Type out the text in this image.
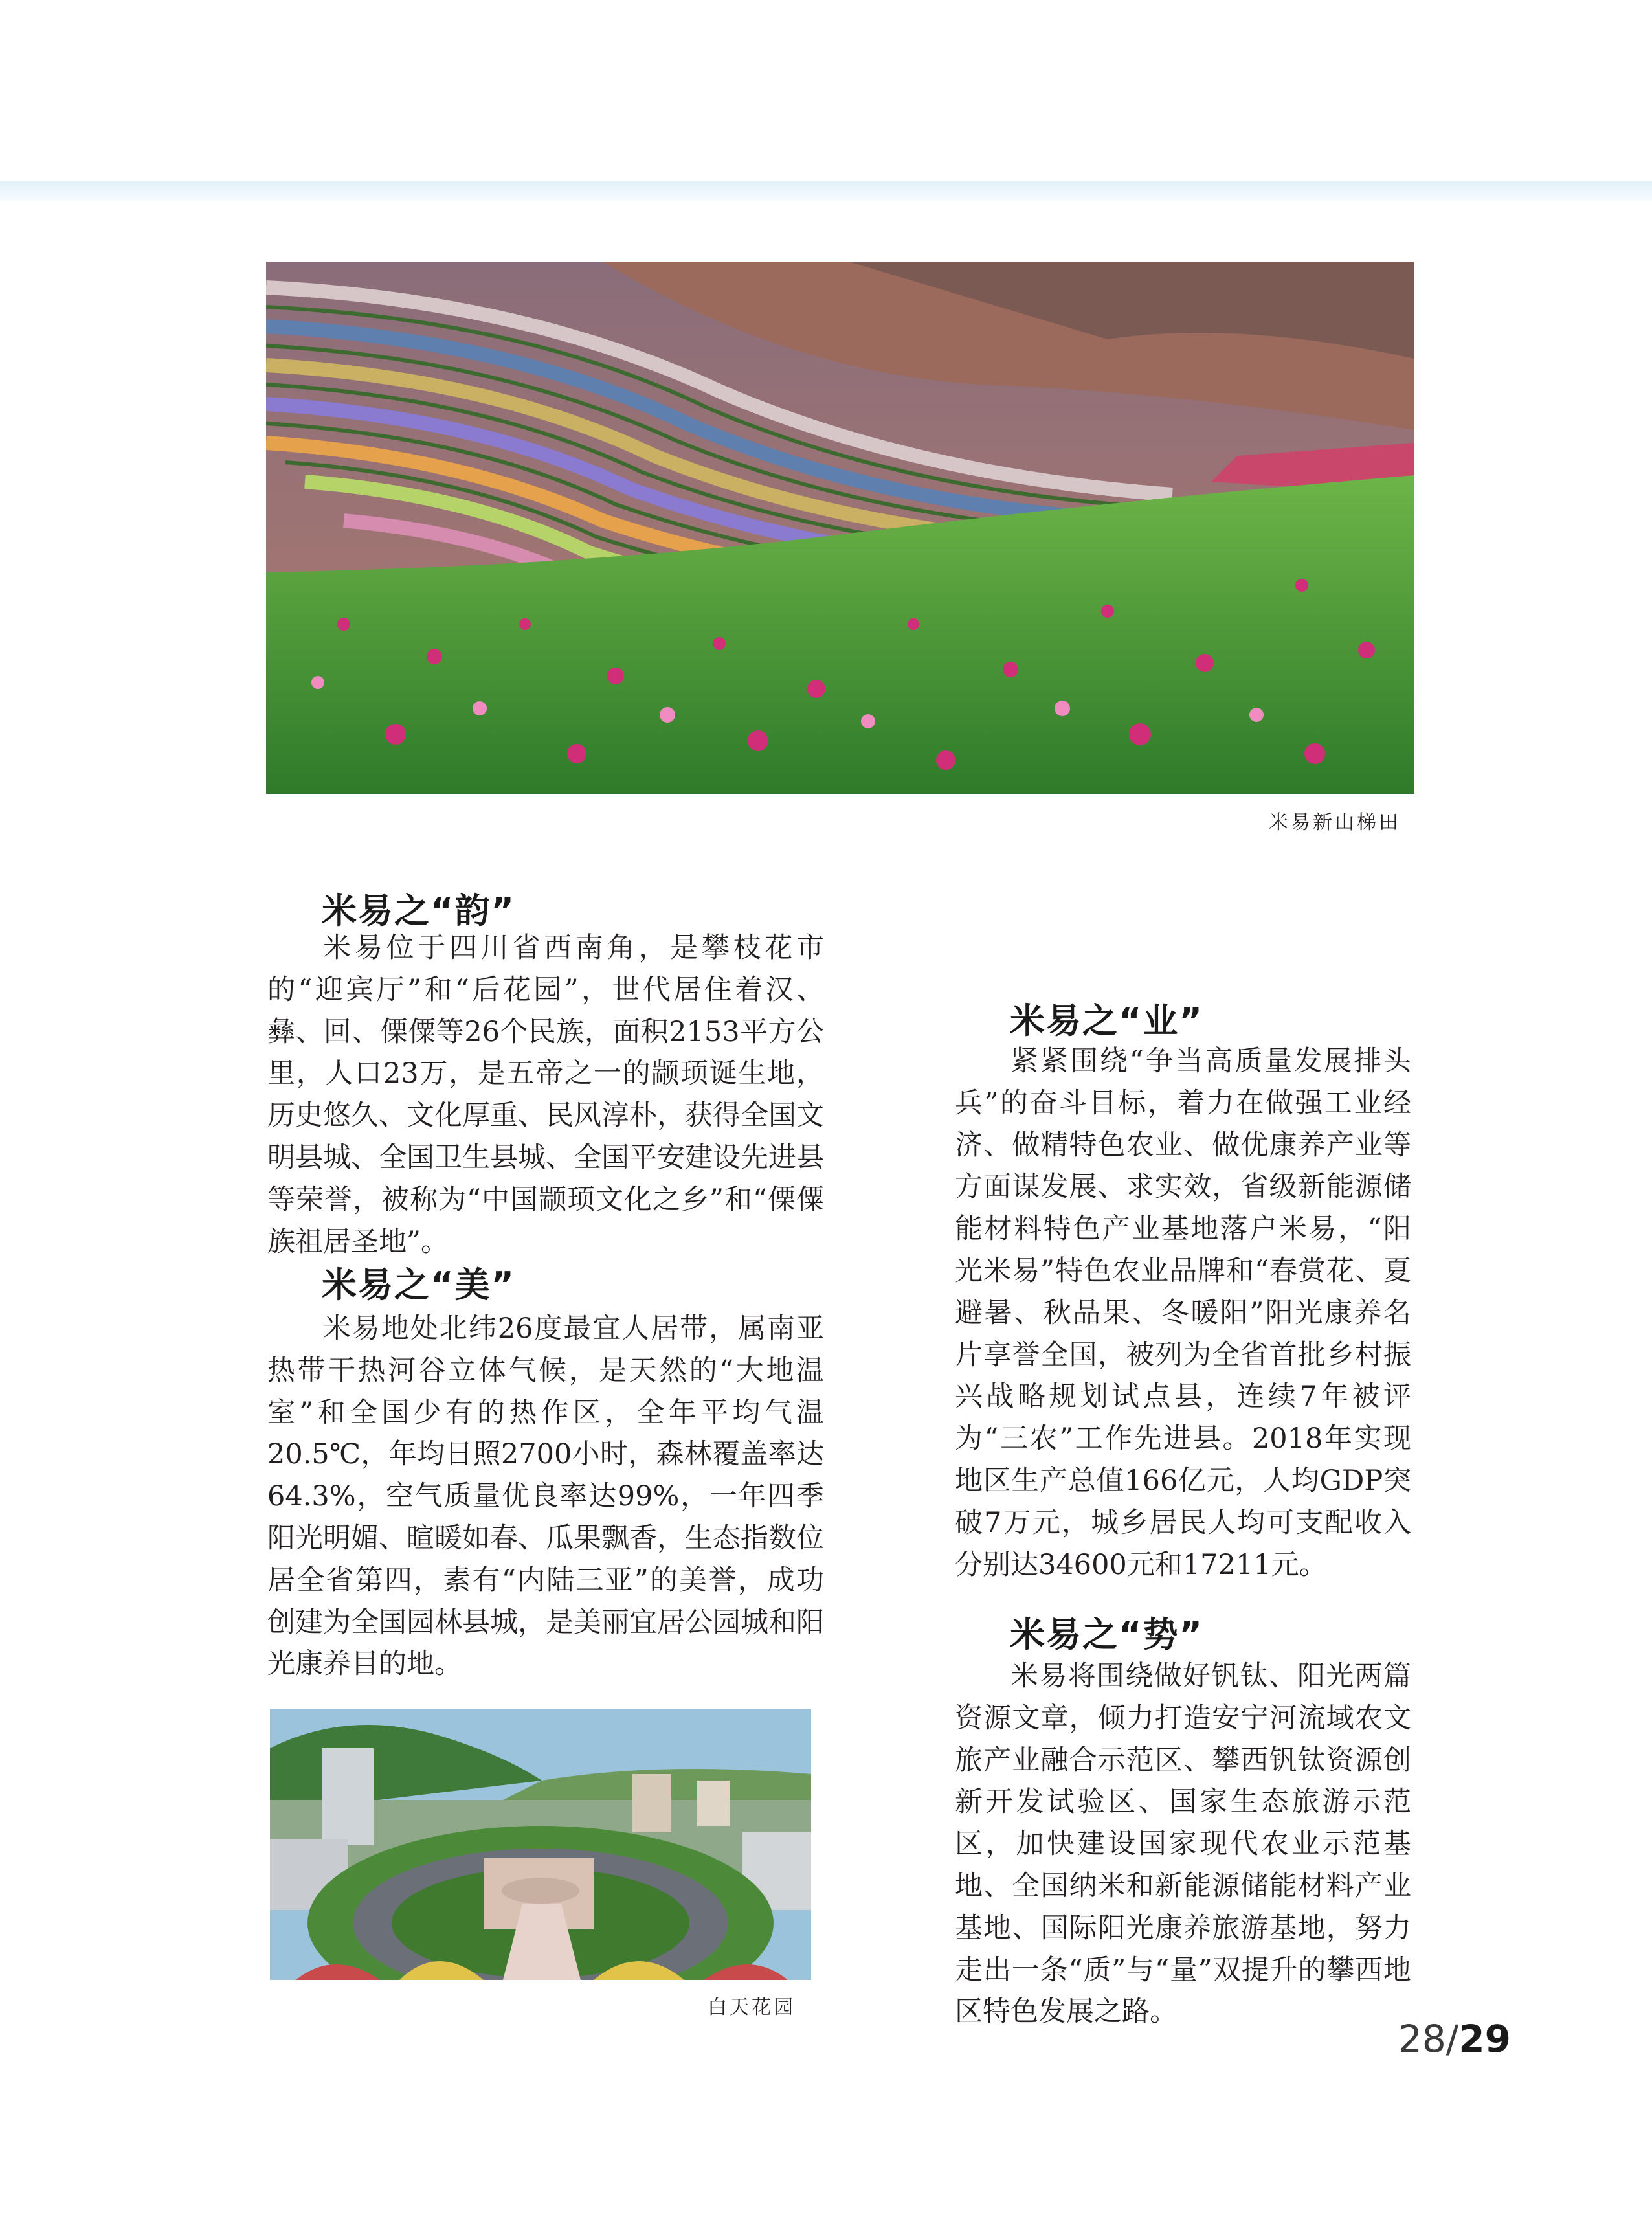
米易新山梯田
米易之“韵”

米易位于四川省西南角，是攀枝花市的“迎宾厅”和“后花园”，世代居住着汉、彝、回、傈僳等26个民族，面积2153平方公里，人口23万，是五帝之一的颛顼诞生地，历史悠久、文化厚重、民风淳朴，获得全国文明县城、全国卫生县城、全国平安建设先进县等荣誉，被称为“中国颛顼文化之乡”和“傈僳族祖居圣地”。

米易之“美”

米易地处北纬26度最宜人居带，属南亚热带干热河谷立体气候，是天然的“大地温室”和全国少有的热作区，全年平均气温20.5℃，年均日照2700小时，森林覆盖率达64.3%，空气质量优良率达99%，一年四季阳光明媚、暄暖如春、瓜果飘香，生态指数位居全省第四，素有“内陆三亚”的美誉，成功创建为全国园林县城，是美丽宜居公园城和阳光康养目的地。

白天花园
米易之“业”

紧紧围绕“争当高质量发展排头兵”的奋斗目标，着力在做强工业经济、做精特色农业、做优康养产业等方面谋发展、求实效，省级新能源储能材料特色产业基地落户米易，“阳光米易”特色农业品牌和“春赏花、夏避暑、秋品果、冬暖阳”阳光康养名片享誉全国，被列为全省首批乡村振兴战略规划试点县，连续7年被评为“三农”工作先进县。2018年实现地区生产总值166亿元，人均GDP突破7万元，城乡居民人均可支配收入分别达34600元和17211元。

米易之“势”

米易将围绕做好钒钛、阳光两篇资源文章，倾力打造安宁河流域农文旅产业融合示范区、攀西钒钛资源创新开发试验区、国家生态旅游示范区，加快建设国家现代农业示范基地、全国纳米和新能源储能材料产业基地、国际阳光康养旅游基地，努力走出一条“质”与“量”双提升的攀西地区特色发展之路。

28/29
